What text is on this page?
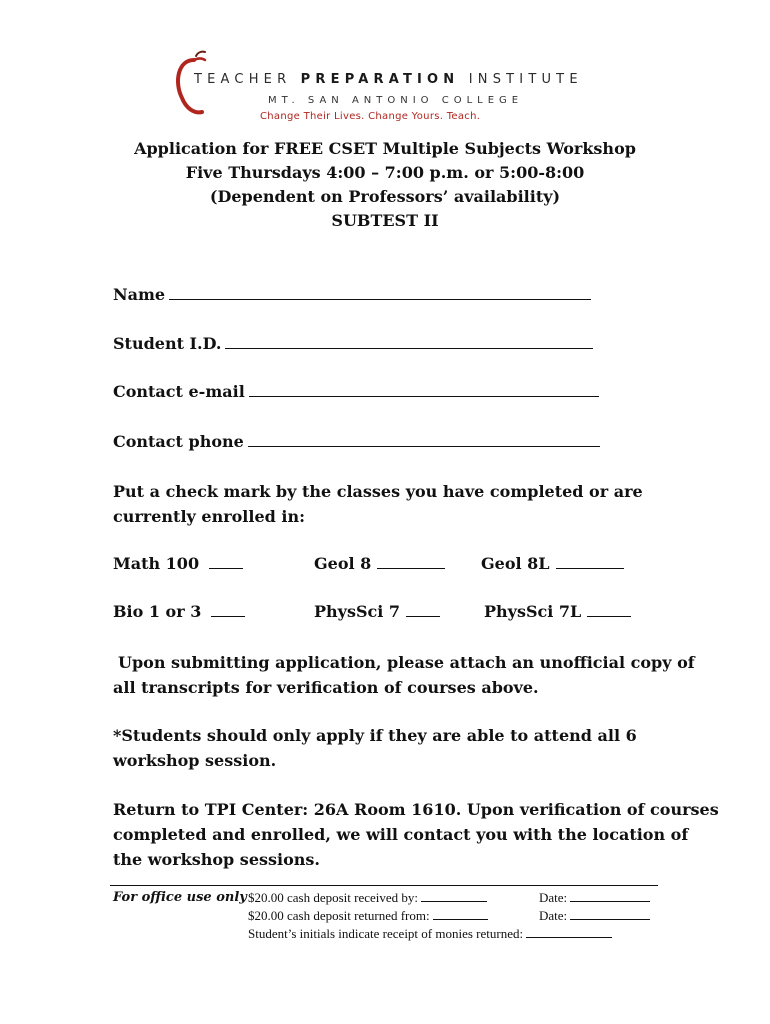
TEACHER PREPARATION INSTITUTE
MT. SAN ANTONIO COLLEGE
Change Their Lives. Change Yours. Teach.
Application for FREE CSET Multiple Subjects Workshop
Five Thursdays 4:00 – 7:00 p.m. or 5:00-8:00
(Dependent on Professors’ availability)
SUBTEST II
Name
Student I.D.
Contact e-mail
Contact phone
Put a check mark by the classes you have completed or are
currently enrolled in:
Math 100	Geol 8	Geol 8L
Bio 1 or 3	PhysSci 7	PhysSci 7L
Upon submitting application, please attach an unofficial copy of
all transcripts for verification of courses above.
*Students should only apply if they are able to attend all 6
workshop session.
Return to TPI Center: 26A Room 1610. Upon verification of courses
completed and enrolled, we will contact you with the location of
the workshop sessions.
For office use only $20.00 cash deposit received by:	Date:
$20.00 cash deposit returned from:	Date:
Student’s initials indicate receipt of monies returned:
